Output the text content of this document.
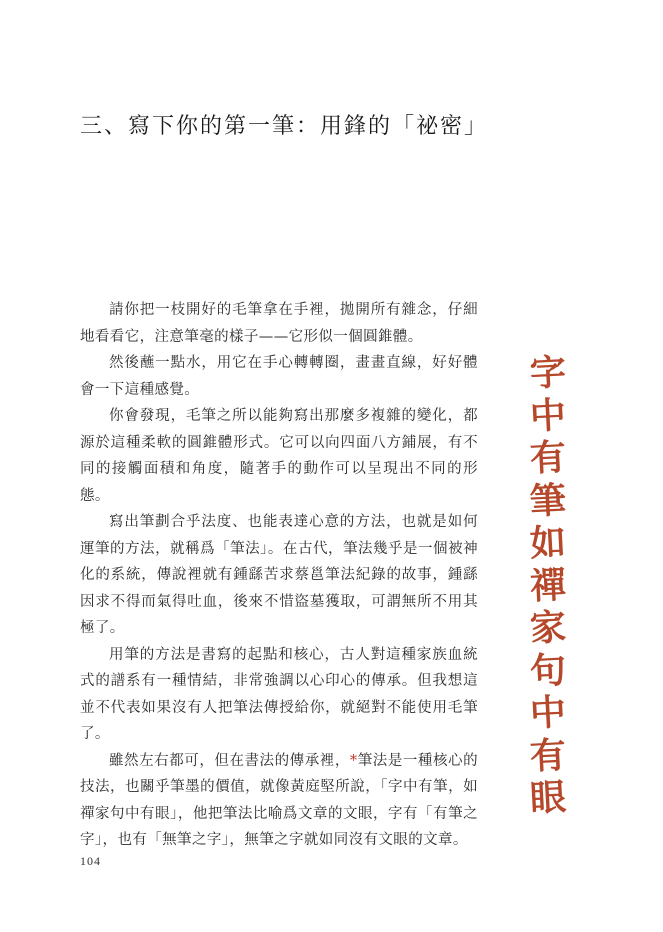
三、寫下你的第一筆：用鋒的「祕密」

請你把一枝開好的毛筆拿在手裡，拋開所有雜念，仔細地看看它，注意筆毫的樣子——它形似一個圓錐體。

然後蘸一點水，用它在手心轉轉圈，畫畫直線，好好體會一下這種感覺。

你會發現，毛筆之所以能夠寫出那麼多複雜的變化，都源於這種柔軟的圓錐體形式。它可以向四面八方鋪展，有不同的接觸面積和角度，隨著手的動作可以呈現出不同的形態。

寫出筆劃合乎法度、也能表達心意的方法，也就是如何運筆的方法，就稱爲「筆法」。在古代，筆法幾乎是一個被神化的系統，傳說裡就有鍾繇苦求蔡邕筆法紀錄的故事，鍾繇因求不得而氣得吐血，後來不惜盜墓獲取，可謂無所不用其極了。

用筆的方法是書寫的起點和核心，古人對這種家族血統式的譜系有一種情結，非常強調以心印心的傳承。但我想這並不代表如果沒有人把筆法傳授給你，就絕對不能使用毛筆了。

雖然左右都可，但在書法的傳承裡，*筆法是一種核心的技法，也關乎筆墨的價值，就像黃庭堅所說，「字中有筆，如禪家句中有眼」，他把筆法比喻爲文章的文眼，字有「有筆之字」，也有「無筆之字」，無筆之字就如同沒有文眼的文章。

字
中
有
筆
如
禪
家
句
中
有
眼
104
